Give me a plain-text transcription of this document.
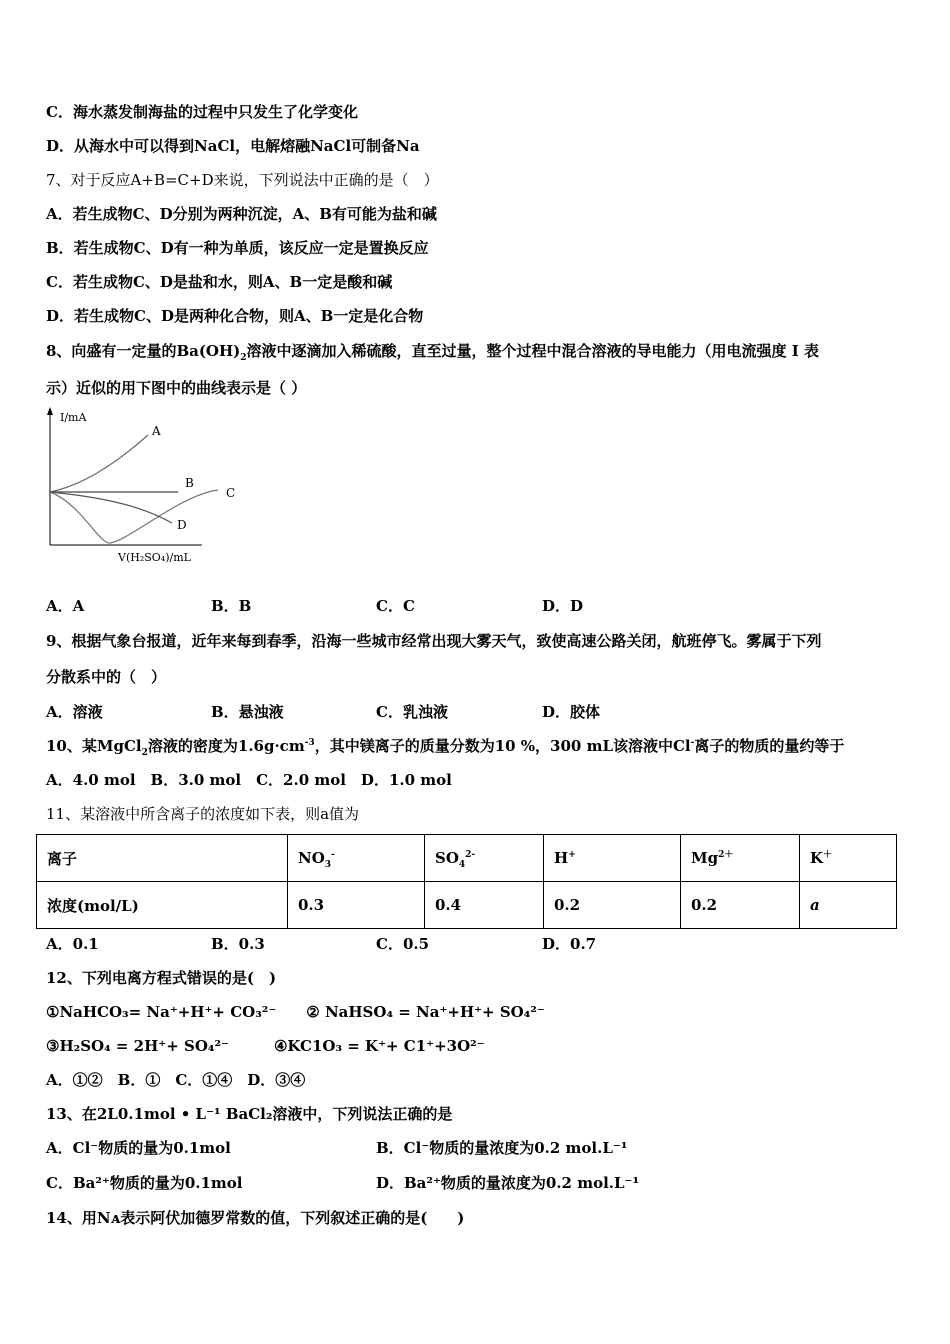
C．海水蒸发制海盐的过程中只发生了化学变化
D．从海水中可以得到NaCl，电解熔融NaCl可制备Na
7、对于反应A+B=C+D来说，下列说法中正确的是（　）
A．若生成物C、D分别为两种沉淀，A、B有可能为盐和碱
B．若生成物C、D有一种为单质，该反应一定是置换反应
C．若生成物C、D是盐和水，则A、B一定是酸和碱
D．若生成物C、D是两种化合物，则A、B一定是化合物
8、向盛有一定量的$Ba(OH)_2$溶液中逐滴加入稀硫酸，直至过量，整个过程中混合溶液的导电能力（用电流强度 I 表
示）近似的用下图中的曲线表示是（ ）
I/mA
V(H₂SO₄)/mL
A
B
C
D
A．A	B．B	C．C	D．D
9、根据气象台报道，近年来每到春季，沿海一些城市经常出现大雾天气，致使高速公路关闭，航班停飞。雾属于下列
分散系中的（　）
A．溶液	B．悬浊液	C．乳浊液	D．胶体
10、某MgCl$_2$溶液的密度为$1.6g\cdot cm^{-3}$，其中镁离子的质量分数为10 %，300 mL该溶液中Cl-离子的物质的量约等于
A．4.0 mol　B．3.0 mol　C．2.0 mol　D．1.0 mol
11、某溶液中所含离子的浓度如下表，则a值为
离子	$NO_3^-$	$SO_4^{2-}$	H+	$Mg^{2+}$	K＋
浓度(mol/L)	0.3	0.4	0.2	0.2	a
A．0.1	B．0.3	C．0.5	D．0.7
12、下列电离方程式错误的是(　)
①NaHCO₃= Na⁺+H⁺+ CO₃²⁻　　② NaHSO₄ = Na⁺+H⁺+ SO₄²⁻
③H₂SO₄ = 2H⁺+ SO₄²⁻　　　④KC1O₃ = K⁺+ C1⁺+3O²⁻
A．①②　B．①　C．①④　D．③④
13、在2L0.1mol • L⁻¹ BaCl₂溶液中，下列说法正确的是
A．Cl⁻物质的量为0.1mol	B．Cl⁻物质的量浓度为0.2 mol.L⁻¹
C．Ba²⁺物质的量为0.1mol	D．Ba²⁺物质的量浓度为0.2 mol.L⁻¹
14、用Nᴀ表示阿伏加德罗常数的值，下列叙述正确的是(　　)
